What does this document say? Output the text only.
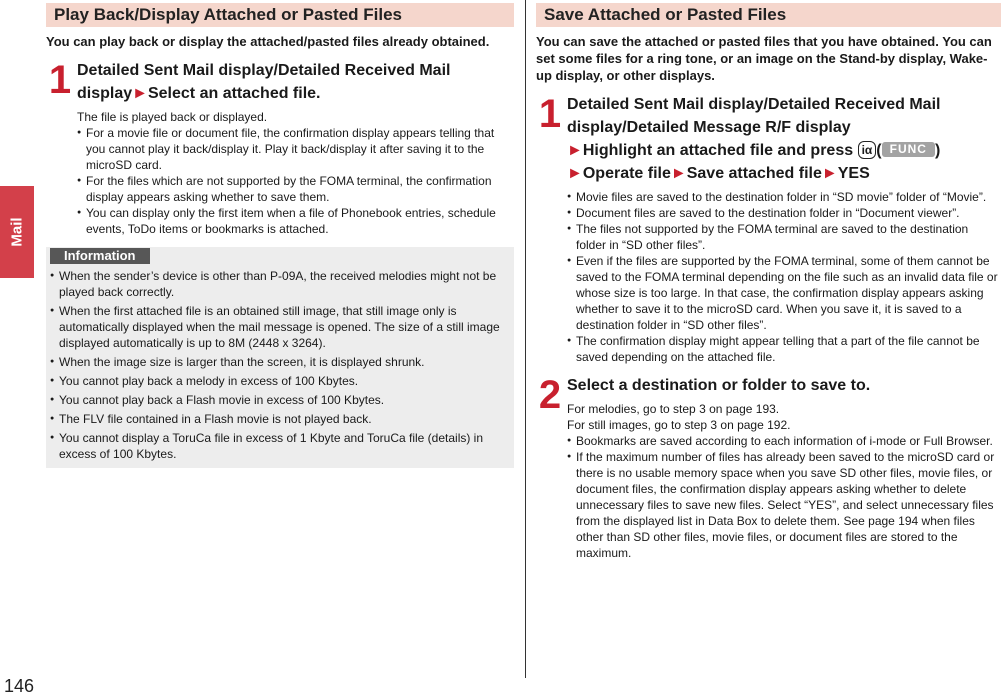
Mail
146
Play Back/Display Attached or Pasted Files

You can play back or display the attached/pasted files already obtained.

1 Detailed Sent Mail display/Detailed Received Mail
display►Select an attached file.

The file is played back or displayed.

● For a movie file or document file, the confirmation display appears telling that you cannot play it back/display it. Play it back/display it after saving it to the microSD card.
● For the files which are not supported by the FOMA terminal, the confirmation display appears asking whether to save them.
● You can display only the first item when a file of Phonebook entries, schedule events, ToDo items or bookmarks is attached.
Information
● When the sender’s device is other than P-09A, the received melodies might not be played back correctly.
● When the first attached file is an obtained still image, that still image only is automatically displayed when the mail message is opened. The size of a still image displayed automatically is up to 8M (2448 x 3264).
● When the image size is larger than the screen, it is displayed shrunk.
● You cannot play back a melody in excess of 100 Kbytes.
● You cannot play back a Flash movie in excess of 100 Kbytes.
● The FLV file contained in a Flash movie is not played back.
● You cannot display a ToruCa file in excess of 1 Kbyte and ToruCa file (details) in excess of 100 Kbytes.
Save Attached or Pasted Files

You can save the attached or pasted files that you have obtained. You can set some files for a ring tone, or an image on the Stand-by display, Wake-up display, or other displays.

1 Detailed Sent Mail display/Detailed Received Mail
display/Detailed Message R/F display
►Highlight an attached file and press iα ( FUNC )
►Operate file►Save attached file►YES
● Movie files are saved to the destination folder in “SD movie” folder of “Movie”.
● Document files are saved to the destination folder in “Document viewer”.
● The files not supported by the FOMA terminal are saved to the destination folder in “SD other files”.
● Even if the files are supported by the FOMA terminal, some of them cannot be saved to the FOMA terminal depending on the file such as an invalid data file or whose size is too large. In that case, the confirmation display appears asking whether to save it to the microSD card. When you save it, it is saved to a destination folder in “SD other files”.
● The confirmation display might appear telling that a part of the file cannot be saved depending on the attached file.
2 Select a destination or folder to save to.

For melodies, go to step 3 on page 193.

For still images, go to step 3 on page 192.

● Bookmarks are saved according to each information of i-mode or Full Browser.
● If the maximum number of files has already been saved to the microSD card or there is no usable memory space when you save SD other files, movie files, or document files, the confirmation display appears asking whether to delete unnecessary files to save new files. Select “YES”, and select unnecessary files from the displayed list in Data Box to delete them. See page 194 when files other than SD other files, movie files, or document files are stored to the maximum.
